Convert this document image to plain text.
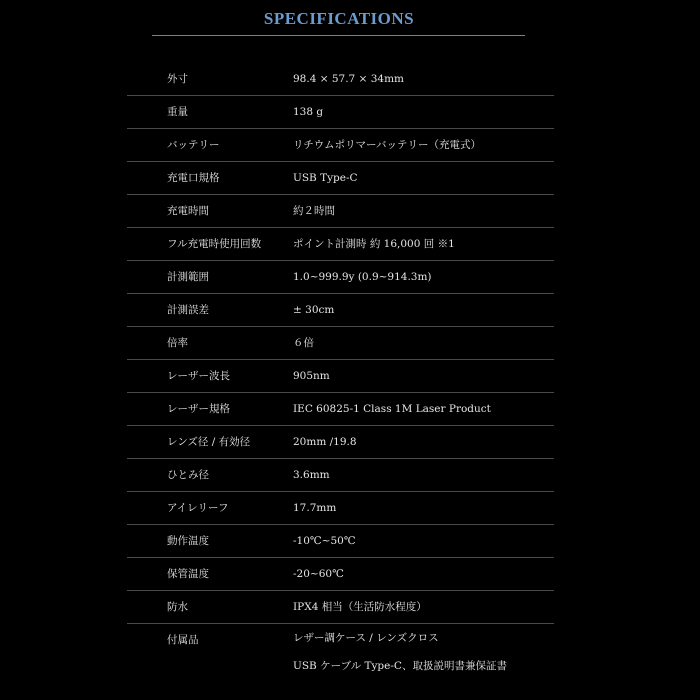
SPECIFICATIONS
外寸	98.4 × 57.7 × 34mm
重量	138 g
バッテリー	リチウムポリマーバッテリー（充電式）
充電口規格	USB Type-C
充電時間	約２時間
フル充電時使用回数	ポイント計測時 約 16,000 回 ※1
計測範囲	1.0~999.9y (0.9~914.3m)
計測誤差	± 30cm
倍率	６倍
レーザー波長	905nm
レーザー規格	IEC 60825-1 Class 1M Laser Product
レンズ径 / 有効径	20mm /19.8
ひとみ径	3.6mm
アイレリーフ	17.7mm
動作温度	-10℃~50℃
保管温度	-20~60℃
防水	IPX4 相当（生活防水程度）
付属品	レザー調ケース / レンズクロス
USB ケーブル Type-C、取扱説明書兼保証書
